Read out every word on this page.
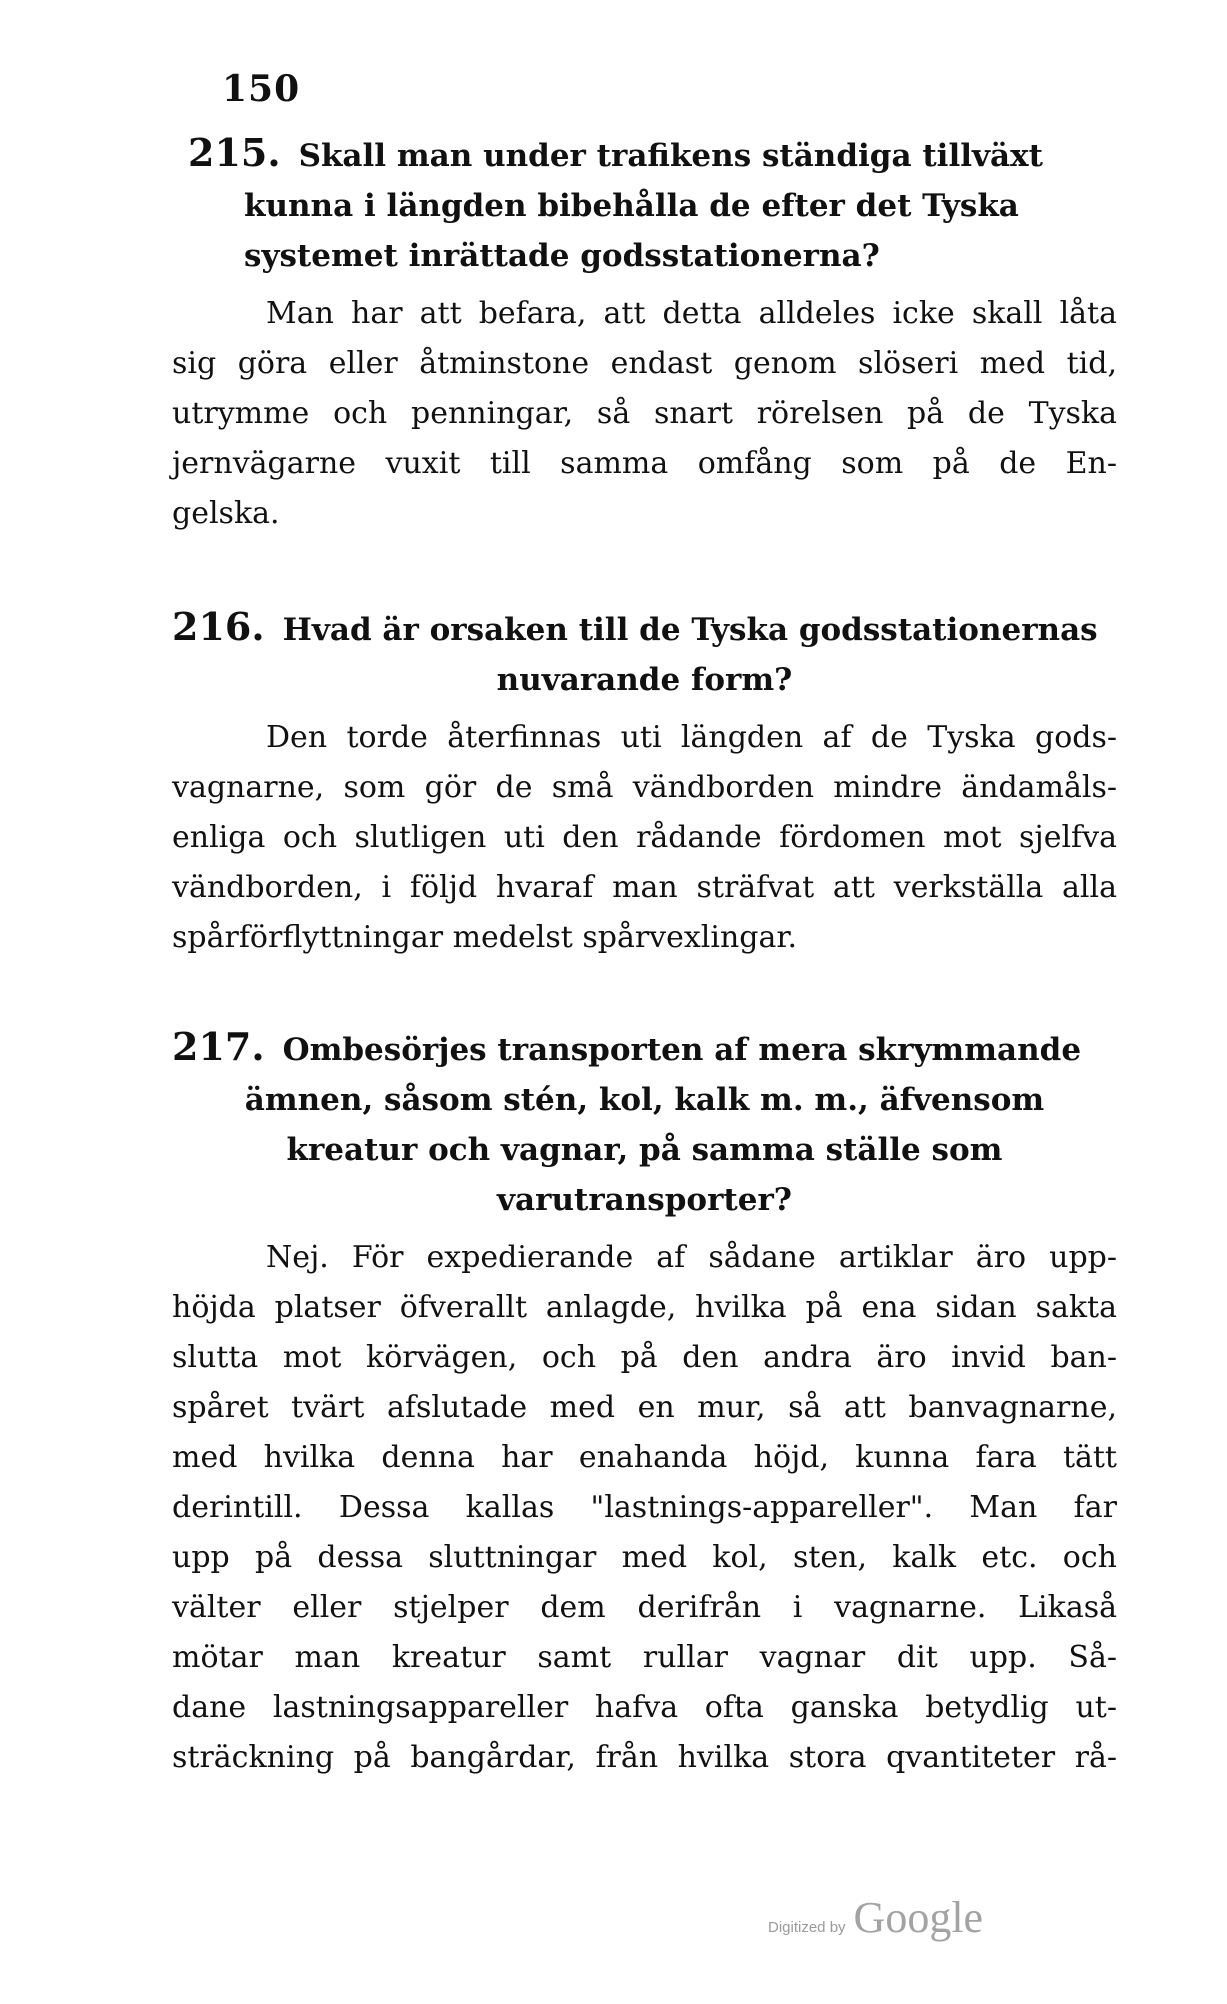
150
215. Skall man under trafikens ständiga tillväxt
kunna i längden bibehålla de efter det Tyska
systemet inrättade godsstationerna?
Man har att befara, att detta alldeles icke skall låta
sig göra eller åtminstone endast genom slöseri med tid,
utrymme och penningar, så snart rörelsen på de Tyska
jernvägarne vuxit till samma omfång som på de En-
gelska.
216. Hvad är orsaken till de Tyska godsstationernas
nuvarande form?
Den torde återfinnas uti längden af de Tyska gods-
vagnarne, som gör de små vändborden mindre ändamåls-
enliga och slutligen uti den rådande fördomen mot sjelfva
vändborden, i följd hvaraf man sträfvat att verkställa alla
spårförflyttningar medelst spårvexlingar.
217. Ombesörjes transporten af mera skrymmande
ämnen, såsom stén, kol, kalk m. m., äfvensom
kreatur och vagnar, på samma ställe som
varutransporter?
Nej. För expedierande af sådane artiklar äro upp-
höjda platser öfverallt anlagde, hvilka på ena sidan sakta
slutta mot körvägen, och på den andra äro invid ban-
spåret tvärt afslutade med en mur, så att banvagnarne,
med hvilka denna har enahanda höjd, kunna fara tätt
derintill. Dessa kallas "lastnings-appareller". Man far
upp på dessa sluttningar med kol, sten, kalk etc. och
välter eller stjelper dem derifrån i vagnarne. Likaså
mötar man kreatur samt rullar vagnar dit upp. Så-
dane lastningsappareller hafva ofta ganska betydlig ut-
sträckning på bangårdar, från hvilka stora qvantiteter rå-
Digitized by Google
